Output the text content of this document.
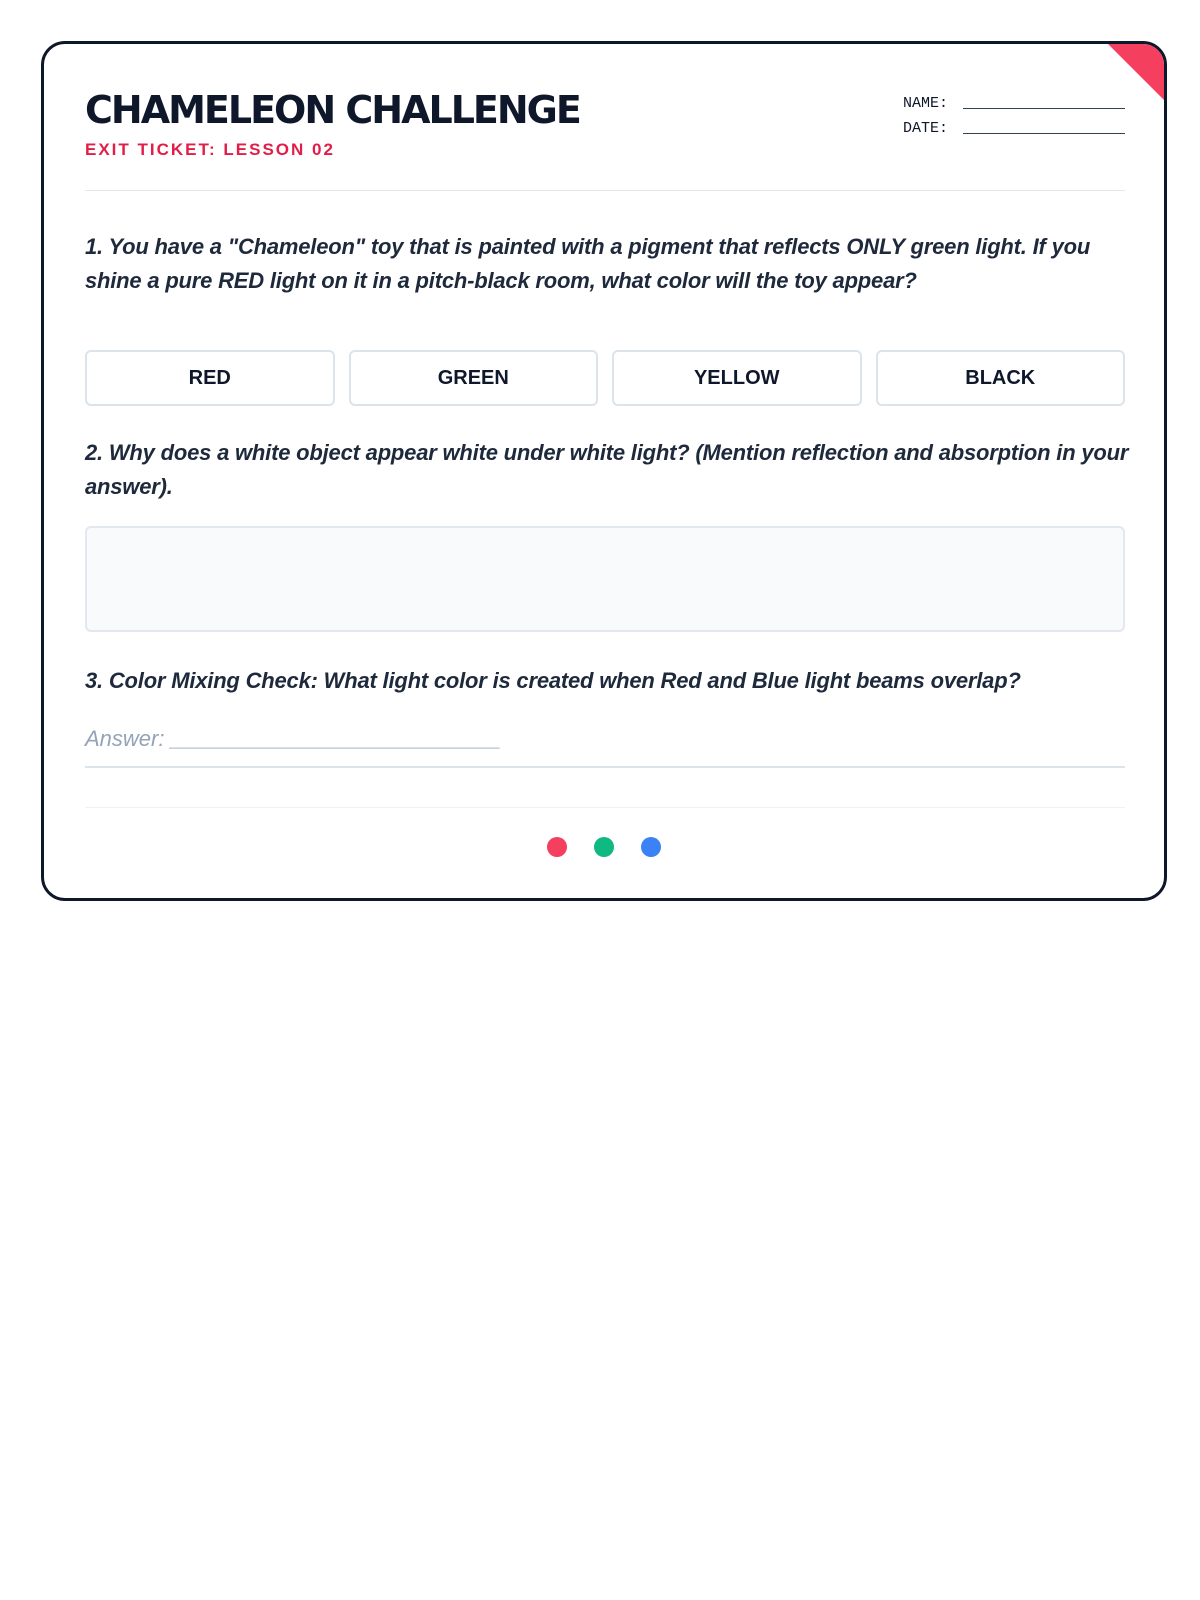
CHAMELEON CHALLENGE
EXIT TICKET: LESSON 02
NAME:
DATE:

1. You have a "Chameleon" toy that is painted with a pigment that reflects ONLY green light. If you shine a pure RED light on it in a pitch-black room, what color will the toy appear?

RED	GREEN	YELLOW	BLACK

2. Why does a white object appear white under white light? (Mention reflection and absorption in your answer).

3. Color Mixing Check: What light color is created when Red and Blue light beams overlap?

Answer: ___________________________
